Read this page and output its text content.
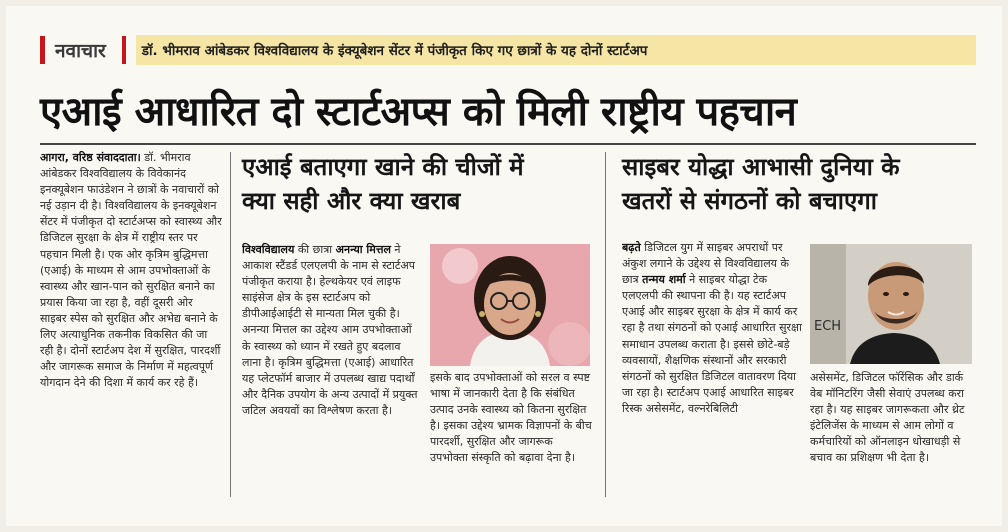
नवाचार	डॉ. भीमराव आंबेडकर विश्वविद्यालय के इंक्यूबेशन सेंटर में पंजीकृत किए गए छात्रों के यह दोनों स्टार्टअप
एआई आधारित दो स्टार्टअप्स को मिली राष्ट्रीय पहचान
आगरा, वरिष्ठ संवाददाता। डॉ. भीमराव आंबेडकर विश्वविद्यालय के विवेकानंद इनक्यूबेशन फाउंडेशन ने छात्रों के नवाचारों को नई उड़ान दी है। विश्वविद्यालय के इनक्यूबेशन सेंटर में पंजीकृत दो स्टार्टअप्स को स्वास्थ्य और डिजिटल सुरक्षा के क्षेत्र में राष्ट्रीय स्तर पर पहचान मिली है। एक ओर कृत्रिम बुद्धिमत्ता (एआई) के माध्यम से आम उपभोक्ताओं के स्वास्थ्य और खान-पान को सुरक्षित बनाने का प्रयास किया जा रहा है, वहीं दूसरी ओर साइबर स्पेस को सुरक्षित और अभेद्य बनाने के लिए अत्याधुनिक तकनीक विकसित की जा रही है। दोनों स्टार्टअप देश में सुरक्षित, पारदर्शी और जागरूक समाज के निर्माण में महत्वपूर्ण योगदान देने की दिशा में कार्य कर रहे हैं।
एआई बताएगा खाने की चीजों में
क्या सही और क्या खराब
विश्वविद्यालय की छात्रा अनन्या मित्तल ने आकाश स्टैंडर्ड एलएलपी के नाम से स्टार्टअप पंजीकृत कराया है। हेल्थकेयर एवं लाइफ साइंसेज क्षेत्र के इस स्टार्टअप को डीपीआईआईटी से मान्यता मिल चुकी है। अनन्या मित्तल का उद्देश्य आम उपभोक्ताओं के स्वास्थ्य को ध्यान में रखते हुए बदलाव लाना है। कृत्रिम बुद्धिमत्ता (एआई) आधारित यह प्लेटफॉर्म बाजार में उपलब्ध खाद्य पदार्थों और दैनिक उपयोग के अन्य उत्पादों में प्रयुक्त जटिल अवयवों का विश्लेषण करता है।
इसके बाद उपभोक्ताओं को सरल व स्पष्ट भाषा में जानकारी देता है कि संबंधित उत्पाद उनके स्वास्थ्य को कितना सुरक्षित है। इसका उद्देश्य भ्रामक विज्ञापनों के बीच पारदर्शी, सुरक्षित और जागरूक उपभोक्ता संस्कृति को बढ़ावा देना है।
साइबर योद्धा आभासी दुनिया के
खतरों से संगठनों को बचाएगा
बढ़ते डिजिटल युग में साइबर अपराधों पर अंकुश लगाने के उद्देश्य से विश्वविद्यालय के छात्र तन्मय शर्मा ने साइबर योद्धा टेक एलएलपी की स्थापना की है। यह स्टार्टअप एआई और साइबर सुरक्षा के क्षेत्र में कार्य कर रहा है तथा संगठनों को एआई आधारित सुरक्षा समाधान उपलब्ध कराता है। इससे छोटे-बड़े व्यवसायों, शैक्षणिक संस्थानों और सरकारी संगठनों को सुरक्षित डिजिटल वातावरण दिया जा रहा है। स्टार्टअप एआई आधारित साइबर रिस्क असेसमेंट, वल्नरेबिलिटी
ECH
असेसमेंट, डिजिटल फॉरेंसिक और डार्क वेब मॉनिटरिंग जैसी सेवाएं उपलब्ध करा रहा है। यह साइबर जागरूकता और थ्रेट इंटेलिजेंस के माध्यम से आम लोगों व कर्मचारियों को ऑनलाइन धोखाधड़ी से बचाव का प्रशिक्षण भी देता है।
